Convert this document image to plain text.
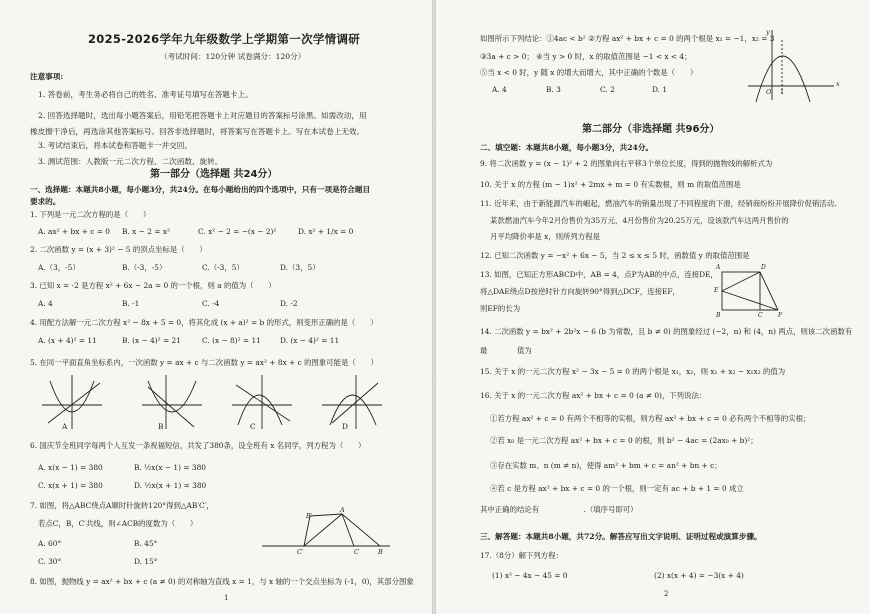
2025-2026学年九年级数学上学期第一次学情调研
（考试时间：120分钟 试卷满分：120分）
注意事项:
1. 答卷前，考生务必将自己的姓名、准考证号填写在答题卡上。
2. 回答选择题时，选出每小题答案后，用铅笔把答题卡上对应题目的答案标号涂黑。如需改动，用
橡皮擦干净后，再选涂其他答案标号。回答非选择题时，将答案写在答题卡上。写在本试卷上无效。
3. 考试结束后，将本试卷和答题卡一并交回。
3. 测试范围：人教版一元二次方程、二次函数、旋转。
第一部分（选择题 共24分）
一、选择题：本题共8小题，每小题3分，共24分。在每小题给出的四个选项中，只有一项是符合题目
要求的。
1. 下列是一元二次方程的是（　　）
A. ax² + bx + c = 0 B. x − 2 = x²	C. x² − 2 = −(x − 2)²	D. x² + 1/x = 0
2. 二次函数 y = (x + 3)² − 5 的顶点坐标是（　　）
A.（3，-5）	B.（-3，-5）	C.（-3，5）	D.（3，5）
3. 已知 x = -2 是方程 x² + 6x − 2a = 0 的一个根，则 a 的值为（　　）
A. 4	B. -1	C. -4	D. -2
4. 用配方法解一元二次方程 x² − 8x + 5 = 0，将其化成 (x + a)² = b 的形式，则变形正确的是（　　）
A. (x + 4)² = 11	B. (x − 4)² = 21	C. (x − 8)² = 11	D. (x − 4)² = 11
5. 在同一平面直角坐标系内，一次函数 y = ax + c 与二次函数 y = ax² + 8x + c 的图象可能是（　　）
A	B	C	D
6. 国庆节全班同学每两个人互发一条祝福短信，共发了380条，设全班有 x 名同学，列方程为（　　）
A. x(x − 1) = 380	B. ½x(x − 1) = 380
C. x(x + 1) = 380	D. ½x(x + 1) = 380
7. 如图，将△ABC绕点A顺时针旋转120°得到△AB′C′，
若点C，B，C′共线，则∠ACB的度数为（　　）
A. 60°	B. 45°
C. 30°	D. 15°
B′
A
C′	C	B
8. 如图，抛物线 y = ax² + bx + c (a ≠ 0) 的对称轴为直线 x = 1，与 x 轴的一个交点坐标为 (-1，0)，其部分图象
1
如图所示下列结论：①4ac < b² ②方程 ax² + bx + c = 0 的两个根是 x₁ = −1，x₂ = 3
③3a + c > 0； ④当 y > 0 时，x 的取值范围是 −1 < x < 4；
⑤当 x < 0 时，y 随 x 的增大而增大，其中正确的个数是（　　）
A. 4	B. 3	C. 2	D. 1
y
O 1
x
第二部分（非选择题 共96分）
二、填空题：本题共8小题，每小题3分，共24分。
9. 将二次函数 y = (x − 1)² + 2 的图象向右平移3个单位长度，得到的抛物线的解析式为
10. 关于 x 的方程 (m − 1)x² + 2mx + m = 0 有实数根，则 m 的取值范围是
11. 近年来，由于新能源汽车的崛起，燃油汽车的销量出现了不同程度的下滑，经销商纷纷开展降价促销活动。
某款燃油汽车今年2月份售价为35万元，4月份售价为20.25万元，设该款汽车这两月售价的
月平均降价率是 x，则所列方程是
12. 已知二次函数 y = −x² + 6x − 5，当 2 ≤ x ≤ 5 时，函数值 y 的取值范围是
13. 如图，已知正方形ABCD中，AB = 4，点P为AB的中点，连接DE，
将△DAE绕点D按逆时针方向旋转90°得到△DCF，连接EF，
则EF的长为
A	D
E
B	C	F
14. 二次函数 y = bx² + 2b²x − 6 (b 为常数，且 b ≠ 0) 的图象经过 (−2，n) 和 (4，n) 两点，则该二次函数有
最　　　　值为
15. 关于 x 的一元二次方程 x² − 3x − 5 = 0 的两个根是 x₁，x₂，则 x₁ + x₂ − x₁x₂ 的值为
16. 关于 x 的一元二次方程 ax² + bx + c = 0 (a ≠ 0)，下列说法：
①若方程 ax² + c = 0 有两个不相等的实根，则方程 ax² + bx + c = 0 必有两个不相等的实根；
②若 x₀ 是一元二次方程 ax² + bx + c = 0 的根，则 b² − 4ac = (2ax₀ + b)²；
③存在实数 m、n (m ≠ n)，使得 am² + bm + c = an² + bn + c；
④若 c 是方程 ax² + bx + c = 0 的一个根，则一定有 ac + b + 1 = 0 成立
其中正确的结论有　　　　　　.（填序号即可）
三、解答题：本题共8小题，共72分。解答应写出文字说明、证明过程或演算步骤。
17.（8分）解下列方程：
(1) x² − 4x − 45 = 0	(2) x(x + 4) = −3(x + 4)
2
